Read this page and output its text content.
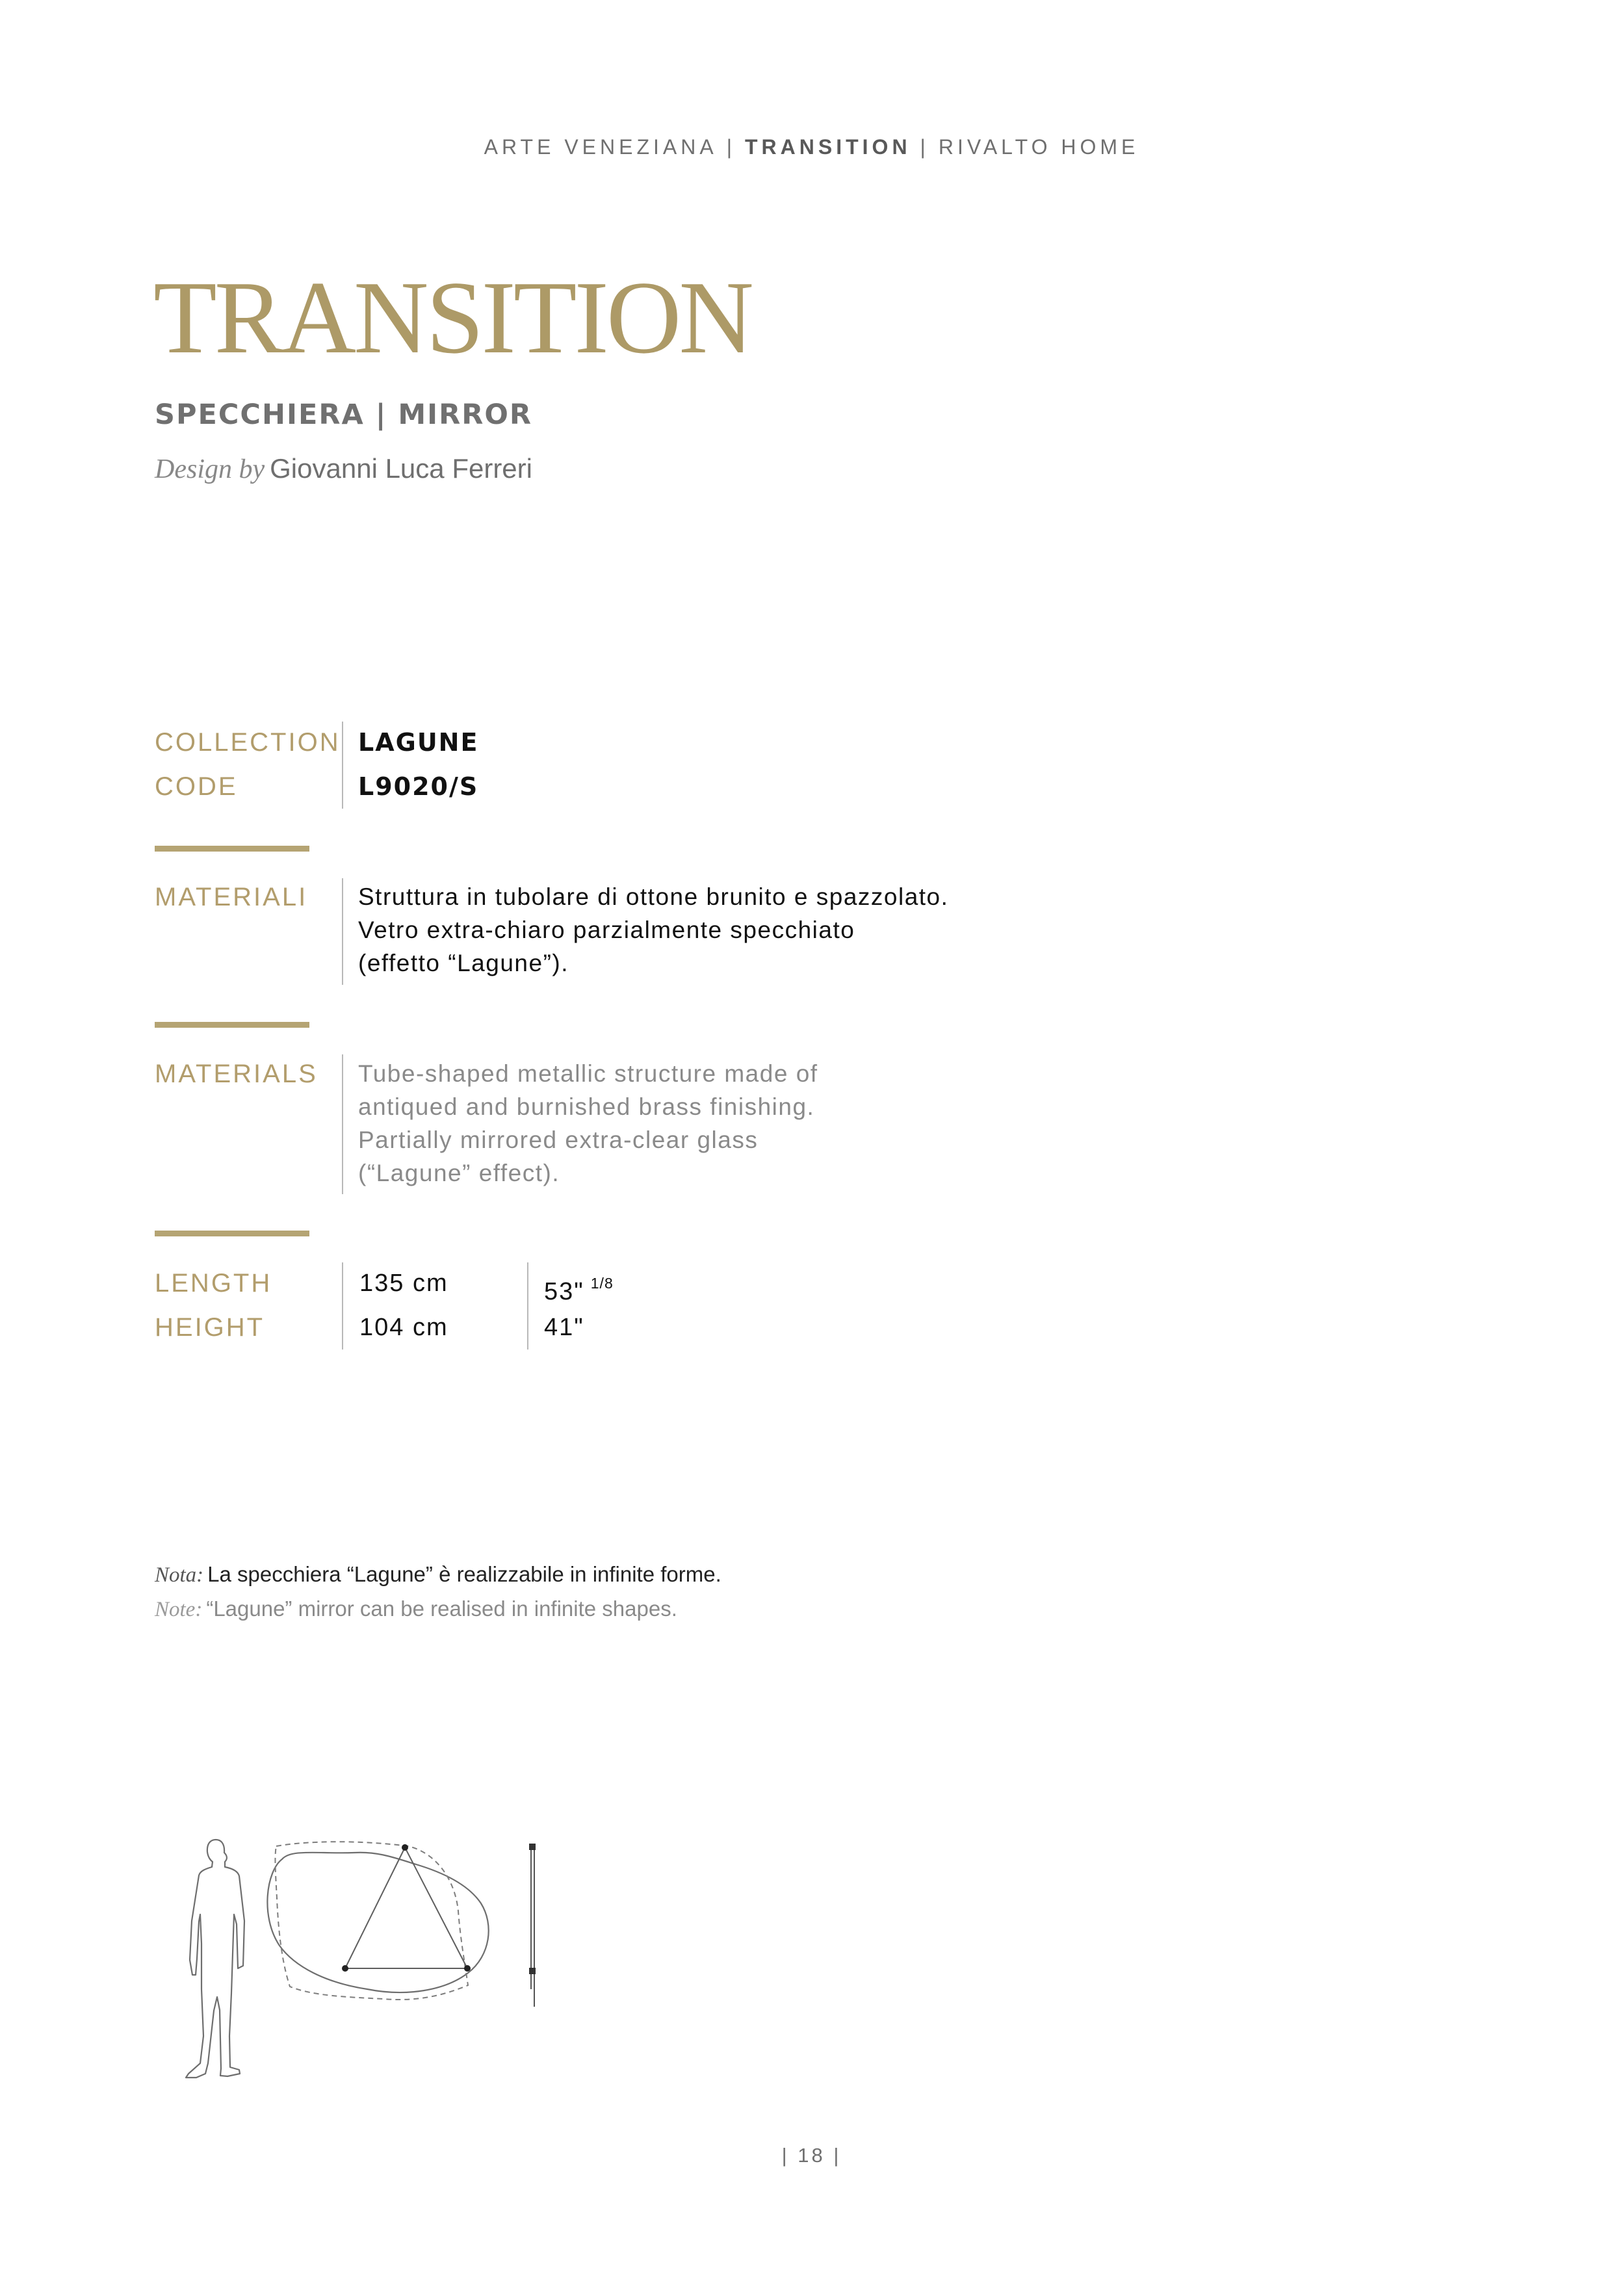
ARTE VENEZIANA | TRANSITION | RIVALTO HOME
TRANSITION
SPECCHIERA | MIRROR
Design by Giovanni Luca Ferreri
COLLECTION
CODE
LAGUNE
L9020/S
MATERIALI Struttura in tubolare di ottone brunito e spazzolato.
Vetro extra-chiaro parzialmente specchiato
(effetto “Lagune”).
MATERIALS Tube-shaped metallic structure made of
antiqued and burnished brass finishing.
Partially mirrored extra-clear glass
(“Lagune” effect).
LENGTH
HEIGHT
135 cm
104 cm
53" $^{1/8}$
41"
Nota: La specchiera “Lagune” è realizzabile in infinite forme.
Note: “Lagune” mirror can be realised in infinite shapes.
| 18 |
